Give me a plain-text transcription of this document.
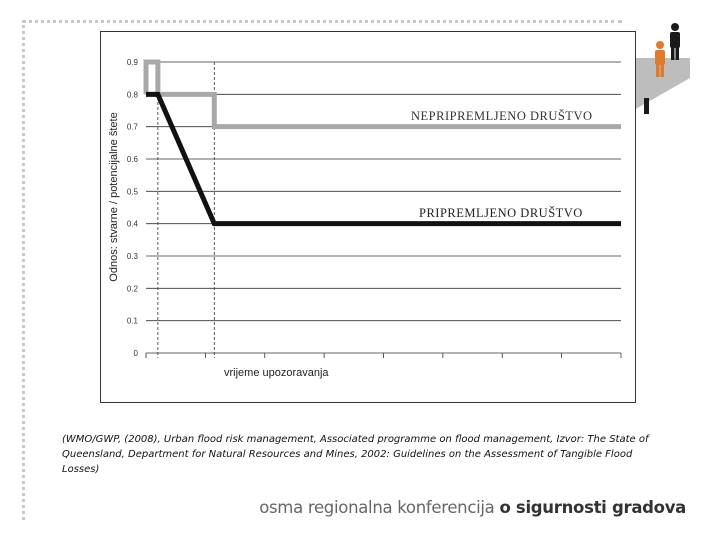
0
0.1
0.2
0.3
0.4
0.5
0.6
0.7
0.8
0.9
Odnos: stvarne / potencijalne štete
vrijeme upozoravanja
NEPRIPREMLJENO DRUŠTVO
PRIPREMLJENO DRUŠTVO
(WMO/GWP, (2008), Urban flood risk management, Associated programme on flood management, Izvor: The State of Queensland, Department for Natural Resources and Mines, 2002: Guidelines on the Assessment of Tangible Flood Losses)
osma regionalna konferencija o sigurnosti gradova
